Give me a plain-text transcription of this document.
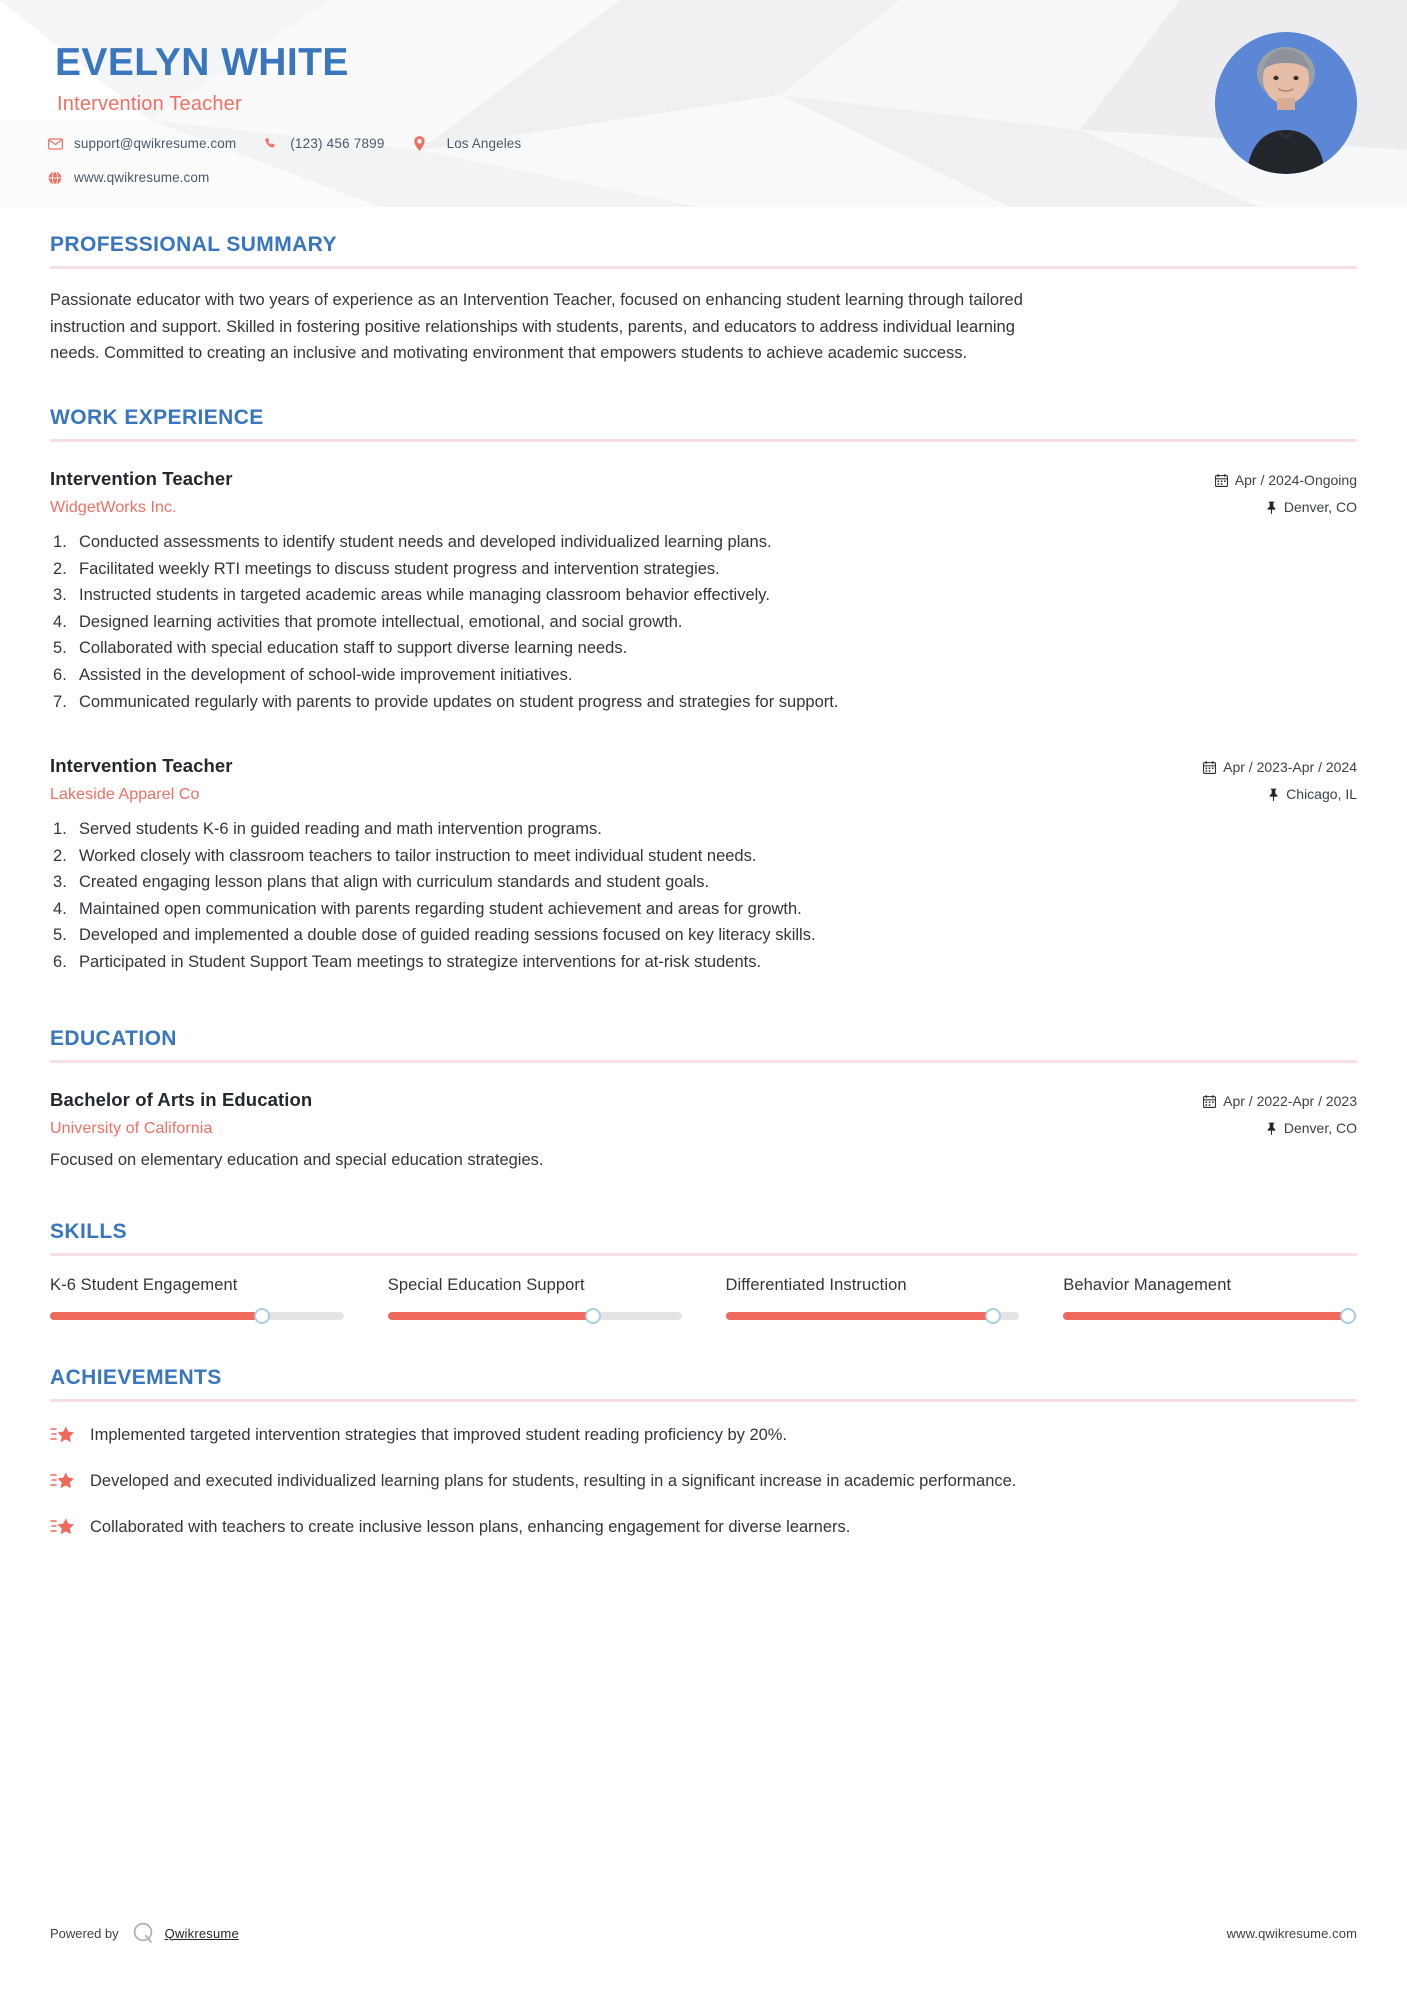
EVELYN WHITE
Intervention Teacher
support@qwikresume.com	(123) 456 7899	Los Angeles
www.qwikresume.com
PROFESSIONAL SUMMARY

Passionate educator with two years of experience as an Intervention Teacher, focused on enhancing student learning through tailored instruction and support. Skilled in fostering positive relationships with students, parents, and educators to address individual learning needs. Committed to creating an inclusive and motivating environment that empowers students to achieve academic success.

WORK EXPERIENCE
Intervention Teacher
WidgetWorks Inc.
Apr / 2024-Ongoing
Denver, CO
Conducted assessments to identify student needs and developed individualized learning plans.
Facilitated weekly RTI meetings to discuss student progress and intervention strategies.
Instructed students in targeted academic areas while managing classroom behavior effectively.
Designed learning activities that promote intellectual, emotional, and social growth.
Collaborated with special education staff to support diverse learning needs.
Assisted in the development of school-wide improvement initiatives.
Communicated regularly with parents to provide updates on student progress and strategies for support.
Intervention Teacher
Lakeside Apparel Co
Apr / 2023-Apr / 2024
Chicago, IL
Served students K-6 in guided reading and math intervention programs.
Worked closely with classroom teachers to tailor instruction to meet individual student needs.
Created engaging lesson plans that align with curriculum standards and student goals.
Maintained open communication with parents regarding student achievement and areas for growth.
Developed and implemented a double dose of guided reading sessions focused on key literacy skills.
Participated in Student Support Team meetings to strategize interventions for at-risk students.
EDUCATION
Bachelor of Arts in Education
University of California
Apr / 2022-Apr / 2023
Denver, CO

Focused on elementary education and special education strategies.

SKILLS
K-6 Student Engagement	Special Education Support	Differentiated Instruction	Behavior Management
ACHIEVEMENTS
Implemented targeted intervention strategies that improved student reading proficiency by 20%.
Developed and executed individualized learning plans for students, resulting in a significant increase in academic performance.
Collaborated with teachers to create inclusive lesson plans, enhancing engagement for diverse learners.
Powered by	Qwikresume	www.qwikresume.com
